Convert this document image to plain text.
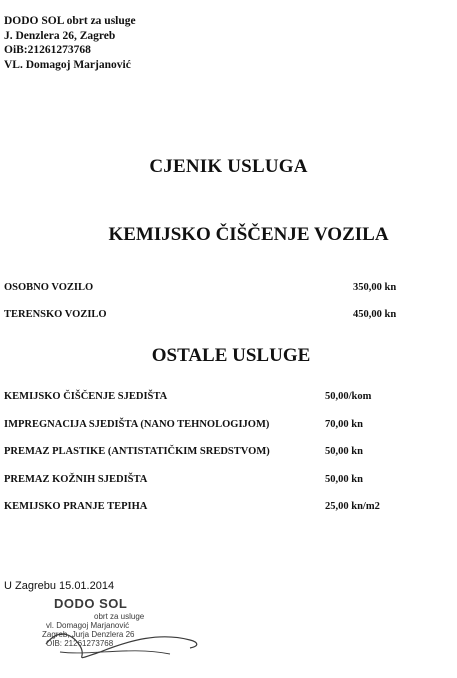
DODO SOL obrt za usluge
J. Denzlera 26, Zagreb
OiB:21261273768
VL. Domagoj Marjanović
CJENIK USLUGA
KEMIJSKO ČIŠČENJE VOZILA
OSOBNO VOZILO	350,00 kn
TERENSKO VOZILO	450,00 kn
OSTALE USLUGE
KEMIJSKO ČIŠČENJE SJEDIŠTA	50,00/kom
IMPREGNACIJA SJEDIŠTA (NANO TEHNOLOGIJOM)	70,00 kn
PREMAZ PLASTIKE (ANTISTATIČKIM SREDSTVOM)	50,00 kn
PREMAZ KOŽNIH SJEDIŠTA	50,00 kn
KEMIJSKO PRANJE TEPIHA	25,00 kn/m2
U Zagrebu 15.01.2014
DODO SOL
obrt za usluge
vl. Domagoj Marjanović
Zagreb, Jurja Denzlera 26
OIB: 21261273768
